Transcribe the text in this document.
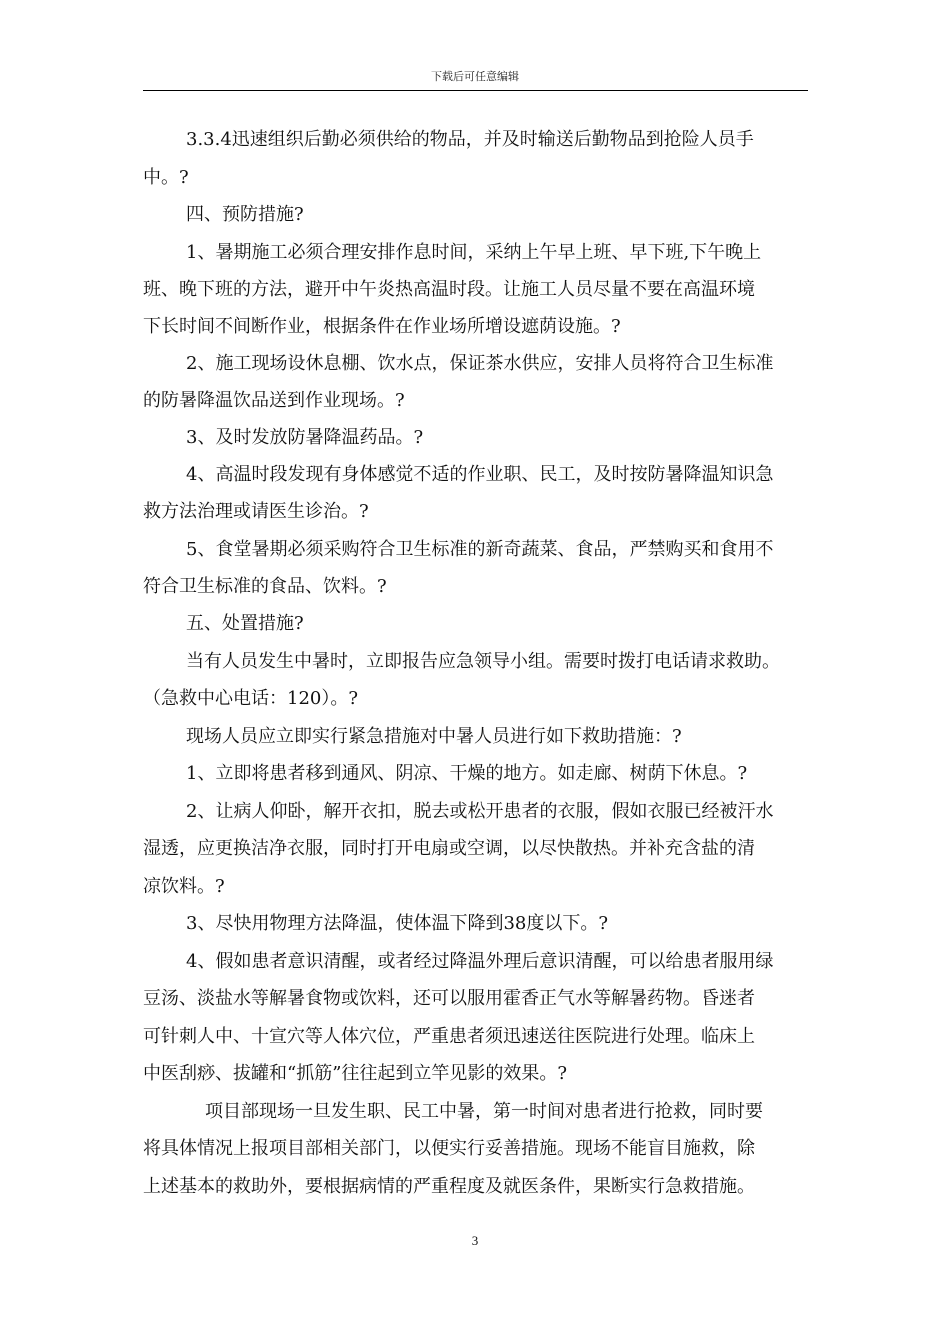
下载后可任意编辑
3.3.4迅速组织后勤必须供给的物品，并及时输送后勤物品到抢险人员手
中。?
四、预防措施?
1、暑期施工必须合理安排作息时间，采纳上午早上班、早下班,下午晚上
班、晚下班的方法，避开中午炎热高温时段。让施工人员尽量不要在高温环境
下长时间不间断作业，根据条件在作业场所增设遮荫设施。?
2、施工现场设休息棚、饮水点，保证茶水供应，安排人员将符合卫生标准
的防暑降温饮品送到作业现场。?
3、及时发放防暑降温药品。?
4、高温时段发现有身体感觉不适的作业职、民工，及时按防暑降温知识急
救方法治理或请医生诊治。?
5、食堂暑期必须采购符合卫生标准的新奇蔬菜、食品，严禁购买和食用不
符合卫生标准的食品、饮料。?
五、处置措施?
当有人员发生中暑时，立即报告应急领导小组。需要时拨打电话请求救助。
（急救中心电话：120）。?
现场人员应立即实行紧急措施对中暑人员进行如下救助措施：?
1、立即将患者移到通风、阴凉、干燥的地方。如走廊、树荫下休息。?
2、让病人仰卧，解开衣扣，脱去或松开患者的衣服，假如衣服已经被汗水
湿透，应更换洁净衣服，同时打开电扇或空调，以尽快散热。并补充含盐的清
凉饮料。?
3、尽快用物理方法降温，使体温下降到38度以下。?
4、假如患者意识清醒，或者经过降温外理后意识清醒，可以给患者服用绿
豆汤、淡盐水等解暑食物或饮料，还可以服用霍香正气水等解暑药物。昏迷者
可针刺人中、十宣穴等人体穴位，严重患者须迅速送往医院进行处理。临床上
中医刮痧、拔罐和“抓筋”往往起到立竿见影的效果。?
项目部现场一旦发生职、民工中暑，第一时间对患者进行抢救，同时要
将具体情况上报项目部相关部门，以便实行妥善措施。现场不能盲目施救，除
上述基本的救助外，要根据病情的严重程度及就医条件，果断实行急救措施。
3
